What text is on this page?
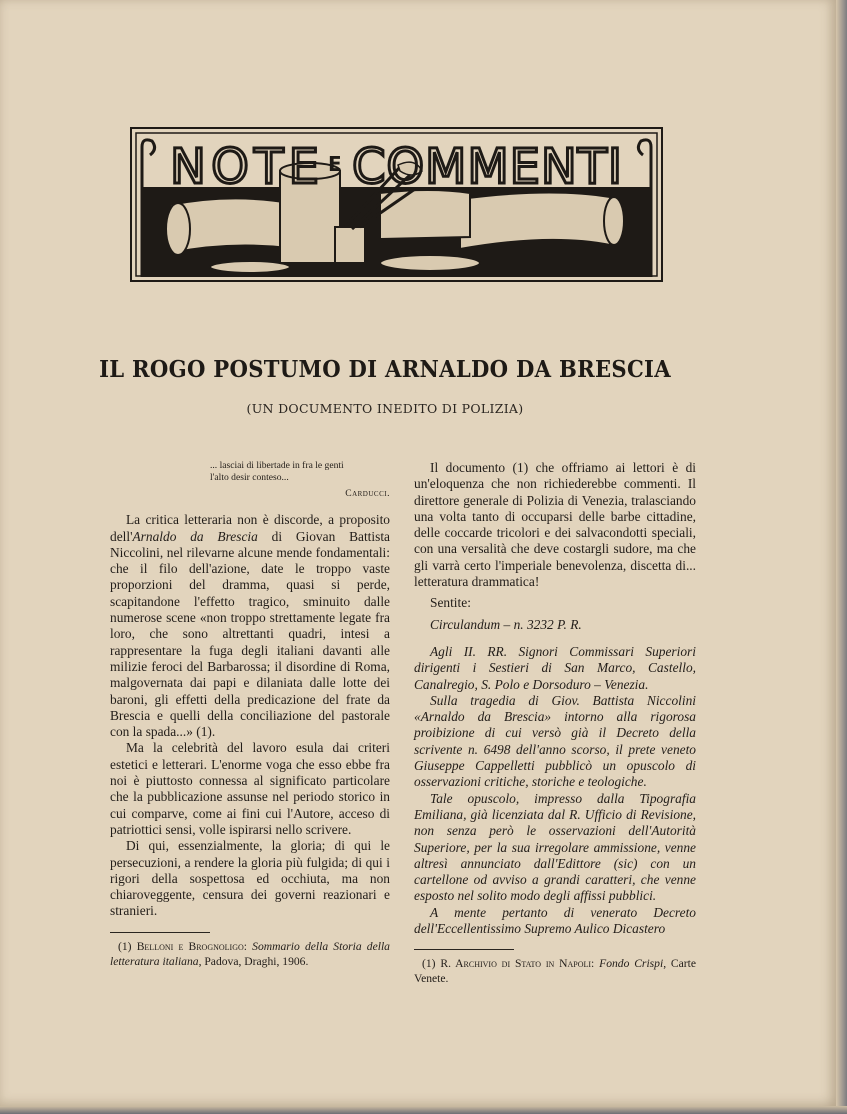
NOTE E COMMENTI
IL ROGO POSTUMO DI ARNALDO DA BRESCIA
(UN DOCUMENTO INEDITO DI POLIZIA)
... lasciai di libertade in fra le genti
l'alto desir conteso...
Carducci.

La critica letteraria non è discorde, a proposito dell'Arnaldo da Brescia di Giovan Battista Niccolini, nel rilevarne alcune mende fondamentali: che il filo dell'azione, date le troppo vaste proporzioni del dramma, quasi si perde, scapitandone l'effetto tragico, sminuito dalle numerose scene «non troppo strettamente legate fra loro, che sono altrettanti quadri, intesi a rappresentare la fuga degli italiani davanti alle milizie feroci del Barbarossa; il disordine di Roma, malgovernata dai papi e dilaniata dalle lotte dei baroni, gli effetti della predicazione del frate da Brescia e quelli della conciliazione del pastorale con la spada...» (1).

Ma la celebrità del lavoro esula dai criteri estetici e letterari. L'enorme voga che esso ebbe fra noi è piuttosto connessa al significato particolare che la pubblicazione assunse nel periodo storico in cui comparve, come ai fini cui l'Autore, acceso di patriottici sensi, volle ispirarsi nello scrivere.

Di qui, essenzialmente, la gloria; di qui le persecuzioni, a rendere la gloria più fulgida; di qui i rigori della sospettosa ed occhiuta, ma non chiaroveggente, censura dei governi reazionari e stranieri.

(1) Belloni e Brognoligo: Sommario della Storia della letteratura italiana, Padova, Draghi, 1906.

Il documento (1) che offriamo ai lettori è di un'eloquenza che non richiederebbe commenti. Il direttore generale di Polizia di Venezia, tralasciando una volta tanto di occuparsi delle barbe cittadine, delle coccarde tricolori e dei salvacondotti speciali, con una versalità che deve costargli sudore, ma che gli varrà certo l'imperiale benevolenza, discetta di... letteratura drammatica!

Sentite:

Circulandum – n. 3232 P. R.

Agli II. RR. Signori Commissari Superiori dirigenti i Sestieri di San Marco, Castello, Canalregio, S. Polo e Dorsoduro – Venezia.

Sulla tragedia di Giov. Battista Niccolini «Arnaldo da Brescia» intorno alla rigorosa proibizione di cui versò già il Decreto della scrivente n. 6498 dell'anno scorso, il prete veneto Giuseppe Cappelletti pubblicò un opuscolo di osservazioni critiche, storiche e teologiche.

Tale opuscolo, impresso dalla Tipografia Emiliana, già licenziata dal R. Ufficio di Revisione, non senza però le osservazioni dell'Autorità Superiore, per la sua irregolare ammissione, venne altresì annunciato dall'Edittore (sic) con un cartellone od avviso a grandi caratteri, che venne esposto nel solito modo degli affissi pubblici.

A mente pertanto di venerato Decreto dell'Eccellentissimo Supremo Aulico Dicastero

(1) R. Archivio di Stato in Napoli: Fondo Crispi, Carte Venete.
